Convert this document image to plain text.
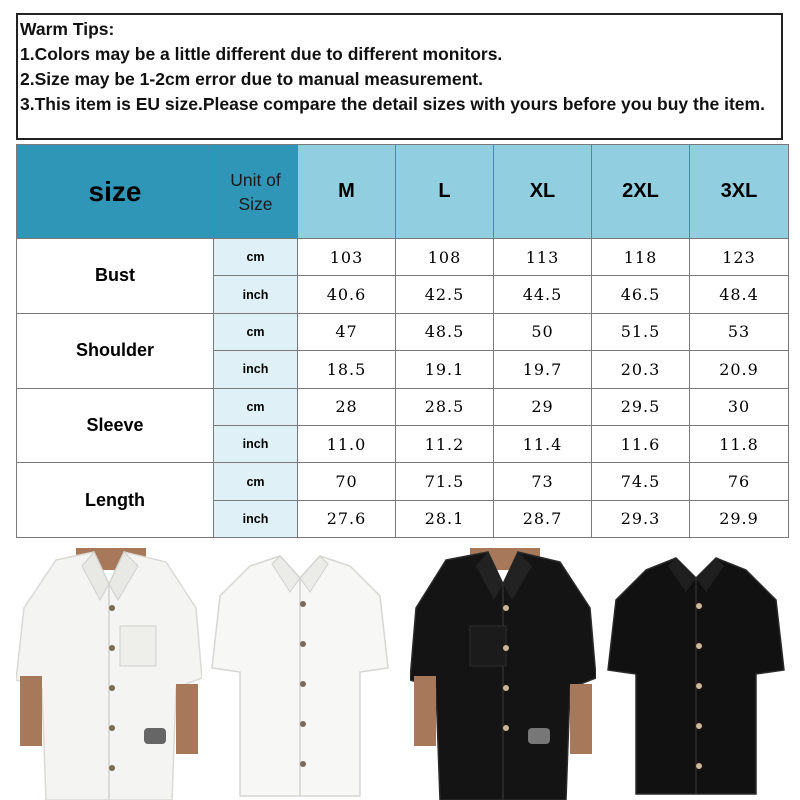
Warm Tips:
1.Colors may be a little different due to different monitors.
2.Size may be 1-2cm error due to manual measurement.
3.This item is EU size.Please compare the detail sizes with yours before you buy the item.
size	Unit of
Size	M	L	XL	2XL	3XL
Bust	cm	103	108	113	118	123
	inch	40.6	42.5	44.5	46.5	48.4
Shoulder	cm	47	48.5	50	51.5	53
	inch	18.5	19.1	19.7	20.3	20.9
Sleeve	cm	28	28.5	29	29.5	30
	inch	11.0	11.2	11.4	11.6	11.8
Length	cm	70	71.5	73	74.5	76
	inch	27.6	28.1	28.7	29.3	29.9
